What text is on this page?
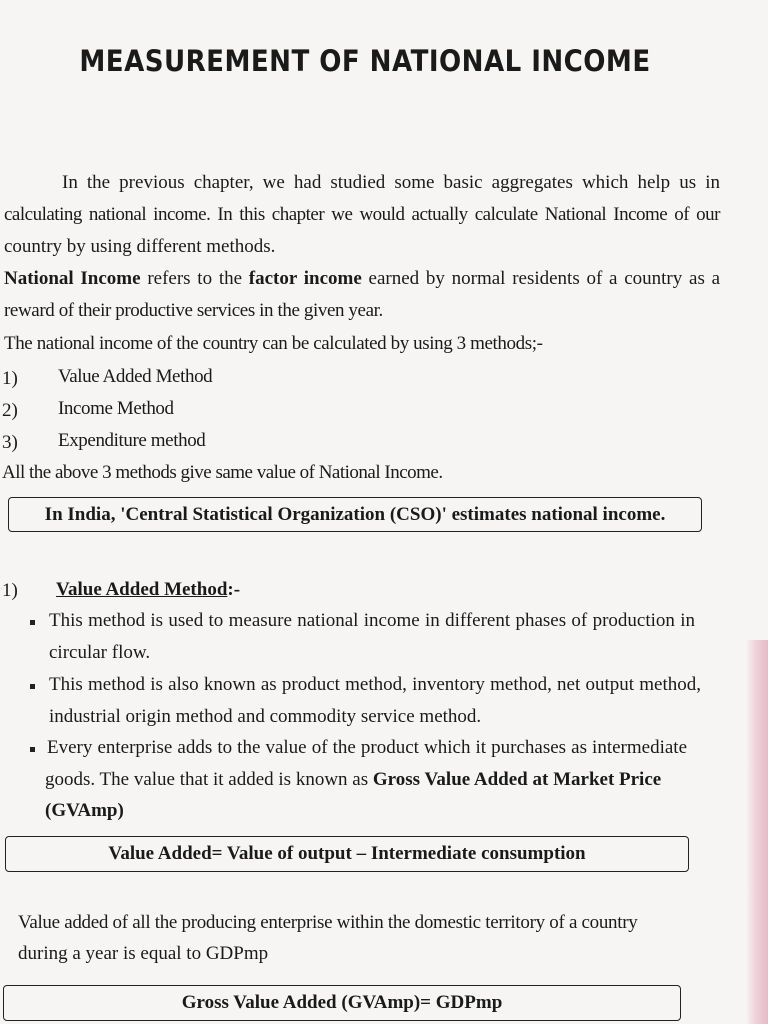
MEASUREMENT OF NATIONAL INCOME
In the previous chapter, we had studied some basic aggregates which help us in
calculating national income. In this chapter we would actually calculate National Income of our
country by using different methods.
National Income refers to the factor income earned by normal residents of a country as a
reward of their productive services in the given year.
The national income of the country can be calculated by using 3 methods;-
1) Value Added Method
2) Income Method
3) Expenditure method
All the above 3 methods give same value of National Income.
In India, 'Central Statistical Organization (CSO)' estimates national income.
1) Value Added Method:-
This method is used to measure national income in different phases of production in
circular flow.
This method is also known as product method, inventory method, net output method,
industrial origin method and commodity service method.
Every enterprise adds to the value of the product which it purchases as intermediate
goods. The value that it added is known as Gross Value Added at Market Price
(GVAmp)
Value Added= Value of output – Intermediate consumption
Value added of all the producing enterprise within the domestic territory of a country
during a year is equal to GDPmp
Gross Value Added (GVAmp)= GDPmp
